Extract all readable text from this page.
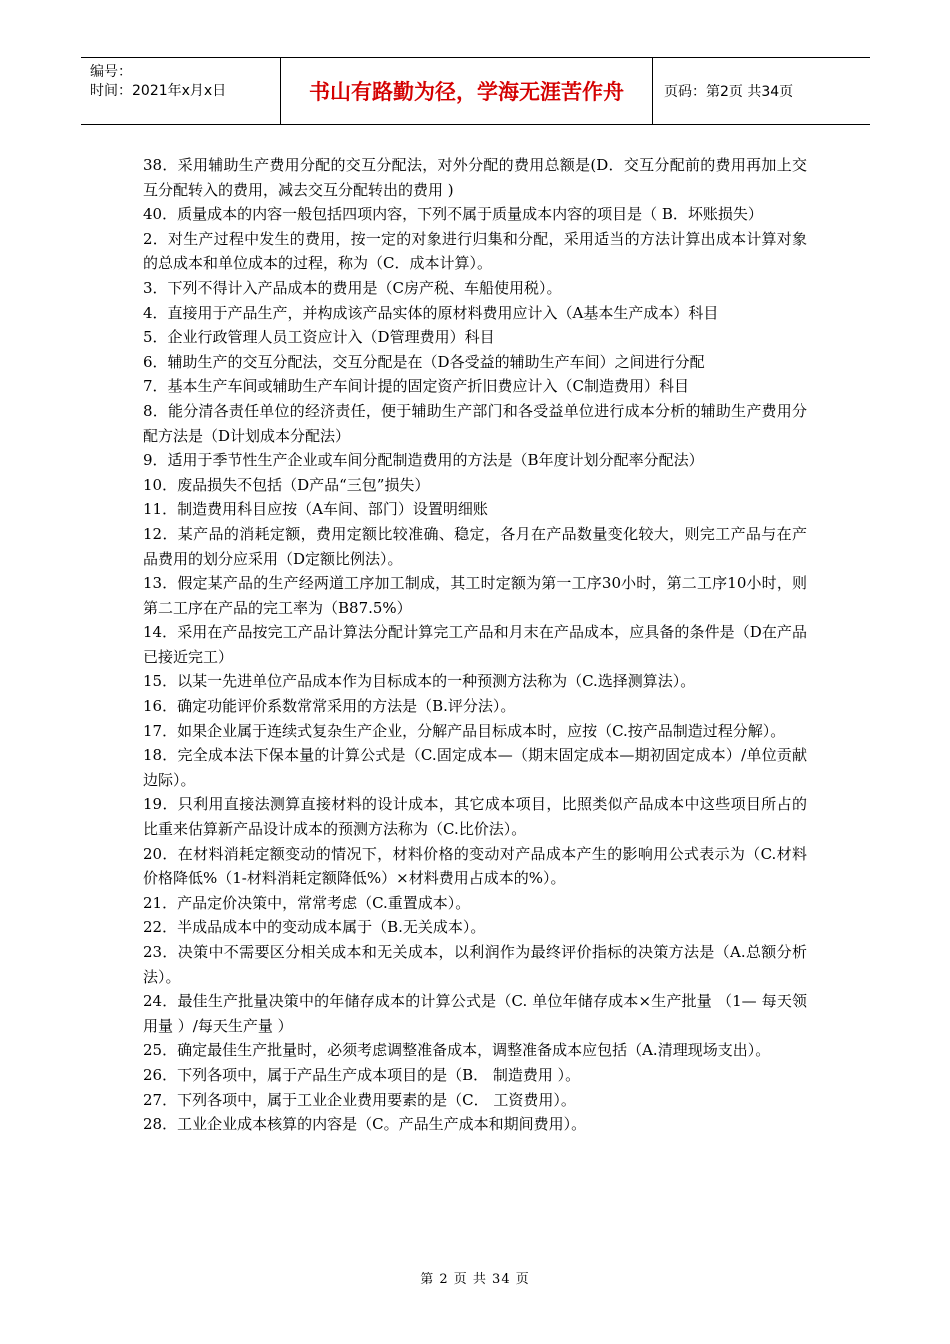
编号：
时间：2021年x月x日	书山有路勤为径，学海无涯苦作舟	页码：第2页 共34页

38．采用辅助生产费用分配的交互分配法，对外分配的费用总额是(D．交互分配前的费用再加上交互分配转入的费用，减去交互分配转出的费用 )

40．质量成本的内容一般包括四项内容，下列不属于质量成本内容的项目是（ B．坏账损失）

2．对生产过程中发生的费用，按一定的对象进行归集和分配，采用适当的方法计算出成本计算对象的总成本和单位成本的过程，称为（C．成本计算）。

3．下列不得计入产品成本的费用是（C房产税、车船使用税）。

4．直接用于产品生产，并构成该产品实体的原材料费用应计入（A基本生产成本）科目

5．企业行政管理人员工资应计入（D管理费用）科目

6．辅助生产的交互分配法，交互分配是在（D各受益的辅助生产车间）之间进行分配

7．基本生产车间或辅助生产车间计提的固定资产折旧费应计入（C制造费用）科目

8．能分清各责任单位的经济责任，便于辅助生产部门和各受益单位进行成本分析的辅助生产费用分配方法是（D计划成本分配法）

9．适用于季节性生产企业或车间分配制造费用的方法是（B年度计划分配率分配法）

10．废品损失不包括（D产品“三包”损失）

11．制造费用科目应按（A车间、部门）设置明细账

12．某产品的消耗定额，费用定额比较准确、稳定，各月在产品数量变化较大，则完工产品与在产品费用的划分应采用（D定额比例法）。

13．假定某产品的生产经两道工序加工制成，其工时定额为第一工序30小时，第二工序10小时，则第二工序在产品的完工率为（B87.5%）

14．采用在产品按完工产品计算法分配计算完工产品和月末在产品成本，应具备的条件是（D在产品已接近完工）

15．以某一先进单位产品成本作为目标成本的一种预测方法称为（C.选择测算法）。

16．确定功能评价系数常常采用的方法是（B.评分法）。

17．如果企业属于连续式复杂生产企业，分解产品目标成本时，应按（C.按产品制造过程分解）。

18．完全成本法下保本量的计算公式是（C.固定成本—（期末固定成本—期初固定成本）/单位贡献边际）。

19．只利用直接法测算直接材料的设计成本，其它成本项目，比照类似产品成本中这些项目所占的比重来估算新产品设计成本的预测方法称为（C.比价法）。

20．在材料消耗定额变动的情况下，材料价格的变动对产品成本产生的影响用公式表示为（C.材料价格降低%（1-材料消耗定额降低%）×材料费用占成本的%）。

21．产品定价决策中，常常考虑（C.重置成本）。

22．半成品成本中的变动成本属于（B.无关成本）。

23．决策中不需要区分相关成本和无关成本，以利润作为最终评价指标的决策方法是（A.总额分析法）。

24．最佳生产批量决策中的年储存成本的计算公式是（C. 单位年储存成本×生产批量 （1— 每天领用量 ）/每天生产量 ）

25．确定最佳生产批量时，必须考虑调整准备成本，调整准备成本应包括（A.清理现场支出）。

26．下列各项中，属于产品生产成本项目的是（B． 制造费用 ）。

27．下列各项中，属于工业企业费用要素的是（C． 工资费用）。

28．工业企业成本核算的内容是（C。产品生产成本和期间费用）。

第 2 页 共 34 页
